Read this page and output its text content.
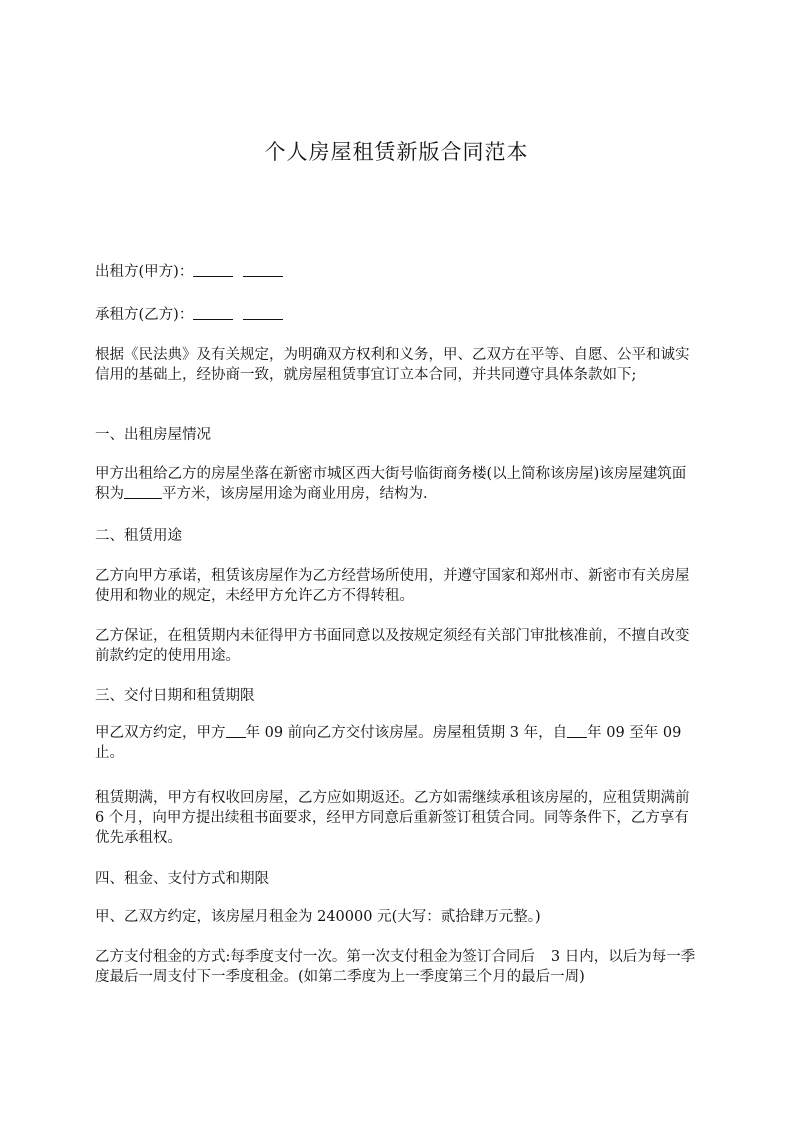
个人房屋租赁新版合同范本

出租方(甲方)：

承租方(乙方)：

根据《民法典》及有关规定，为明确双方权利和义务，甲、乙双方在平等、自愿、公平和诚实信用的基础上，经协商一致，就房屋租赁事宜订立本合同，并共同遵守具体条款如下;

一、出租房屋情况

甲方出租给乙方的房屋坐落在新密市城区西大街号临街商务楼(以上简称该房屋)该房屋建筑面积为	平方米，该房屋用途为商业用房，结构为.

二、租赁用途

乙方向甲方承诺，租赁该房屋作为乙方经营场所使用，并遵守国家和郑州市、新密市有关房屋使用和物业的规定，未经甲方允许乙方不得转租。

乙方保证，在租赁期内未征得甲方书面同意以及按规定须经有关部门审批核准前，不擅自改变前款约定的使用用途。

三、交付日期和租赁期限

甲乙双方约定，甲方 年 09 前向乙方交付该房屋。房屋租赁期 3 年，自 年 09 至年 09 止。

租赁期满，甲方有权收回房屋，乙方应如期返还。乙方如需继续承租该房屋的，应租赁期满前 6 个月，向甲方提出续租书面要求，经甲方同意后重新签订租赁合同。同等条件下，乙方享有优先承租权。

四、租金、支付方式和期限

甲、乙双方约定，该房屋月租金为 240000 元(大写：贰拾肆万元整。)

乙方支付租金的方式:每季度支付一次。第一次支付租金为签订合同后 3 日内，以后为每一季度最后一周支付下一季度租金。(如第二季度为上一季度第三个月的最后一周)
